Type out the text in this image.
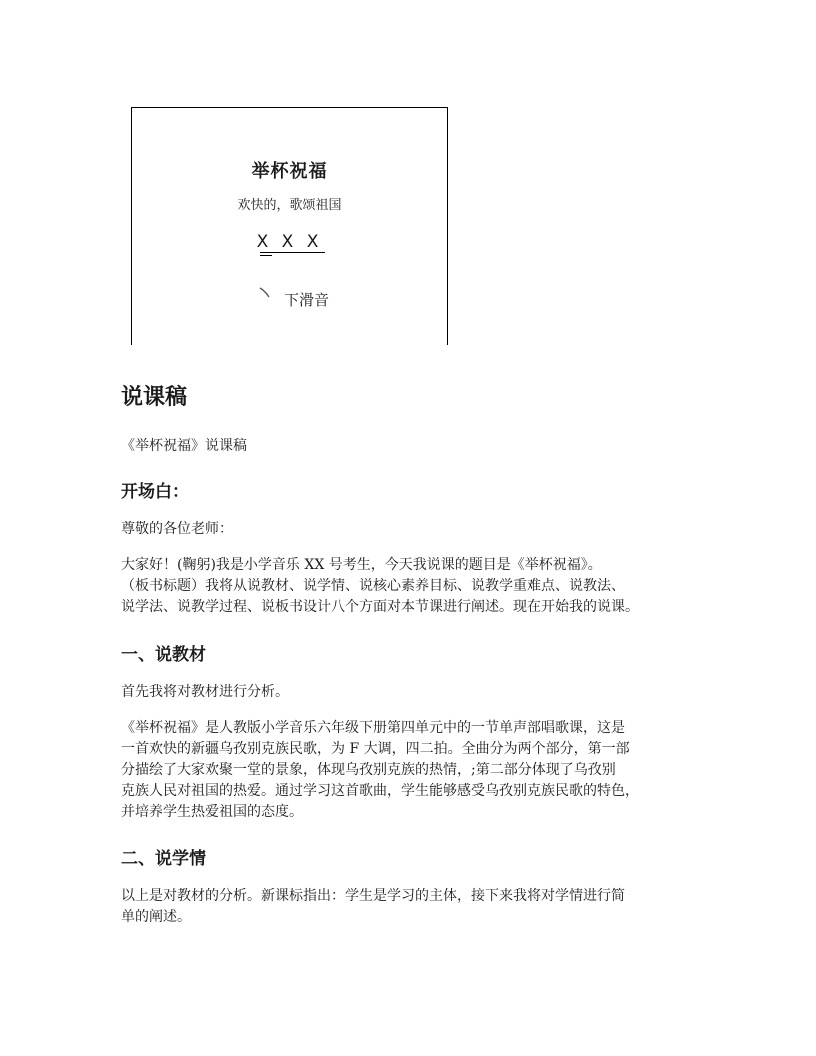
举杯祝福
欢快的，歌颂祖国
X X X
下滑音
说课稿
《举杯祝福》说课稿
开场白：
尊敬的各位老师：
大家好！(鞠躬)我是小学音乐 XX 号考生，今天我说课的题目是《举杯祝福》。
（板书标题）我将从说教材、说学情、说核心素养目标、说教学重难点、说教法、
说学法、说教学过程、说板书设计八个方面对本节课进行阐述。现在开始我的说课。
一、说教材
首先我将对教材进行分析。
《举杯祝福》是人教版小学音乐六年级下册第四单元中的一节单声部唱歌课，这是
一首欢快的新疆乌孜别克族民歌，为 F 大调，四二拍。全曲分为两个部分，第一部
分描绘了大家欢聚一堂的景象，体现乌孜别克族的热情，;第二部分体现了乌孜别
克族人民对祖国的热爱。通过学习这首歌曲，学生能够感受乌孜别克族民歌的特色，
并培养学生热爱祖国的态度。
二、说学情
以上是对教材的分析。新课标指出：学生是学习的主体，接下来我将对学情进行简
单的阐述。
